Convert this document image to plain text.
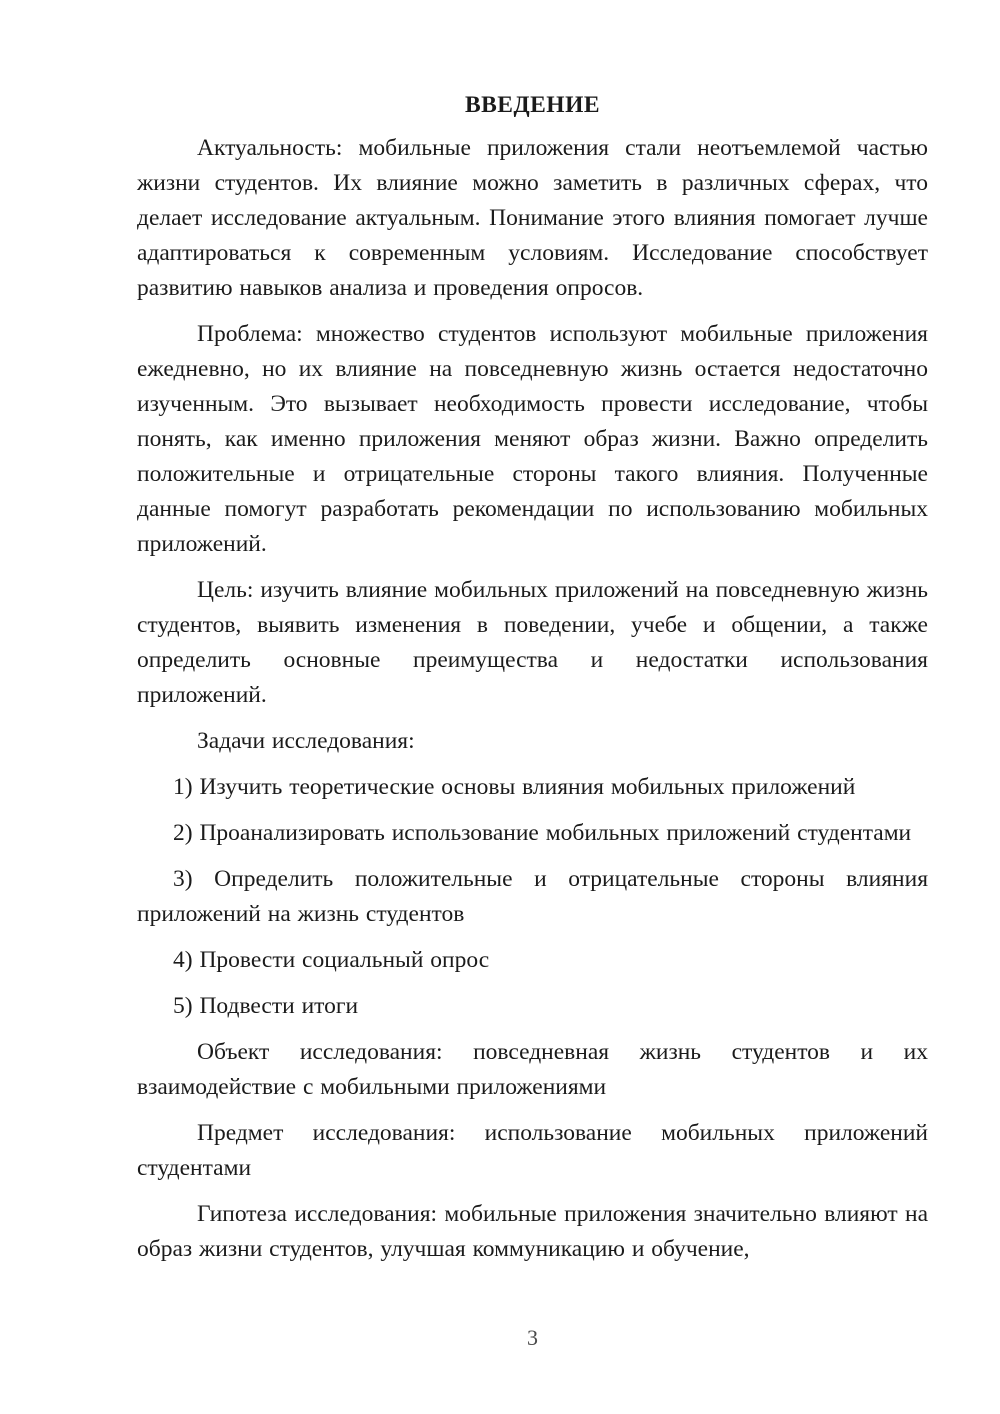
ВВЕДЕНИЕ

Актуальность: мобильные приложения стали неотъемлемой частью жизни студентов. Их влияние можно заметить в различных сферах, что делает исследование актуальным. Понимание этого влияния помогает лучше адаптироваться к современным условиям. Исследование способствует развитию навыков анализа и проведения опросов.

Проблема: множество студентов используют мобильные приложения ежедневно, но их влияние на повседневную жизнь остается недостаточно изученным. Это вызывает необходимость провести исследование, чтобы понять, как именно приложения меняют образ жизни. Важно определить положительные и отрицательные стороны такого влияния. Полученные данные помогут разработать рекомендации по использованию мобильных приложений.

Цель: изучить влияние мобильных приложений на повседневную жизнь студентов, выявить изменения в поведении, учебе и общении, а также определить основные преимущества и недостатки использования приложений.

Задачи исследования:

1) Изучить теоретические основы влияния мобильных приложений

2) Проанализировать использование мобильных приложений студентами

3) Определить положительные и отрицательные стороны влияния приложений на жизнь студентов

4) Провести социальный опрос

5) Подвести итоги

Объект исследования: повседневная жизнь студентов и их взаимодействие с мобильными приложениями

Предмет исследования: использование мобильных приложений студентами

Гипотеза исследования: мобильные приложения значительно влияют на образ жизни студентов, улучшая коммуникацию и обучение,

3
